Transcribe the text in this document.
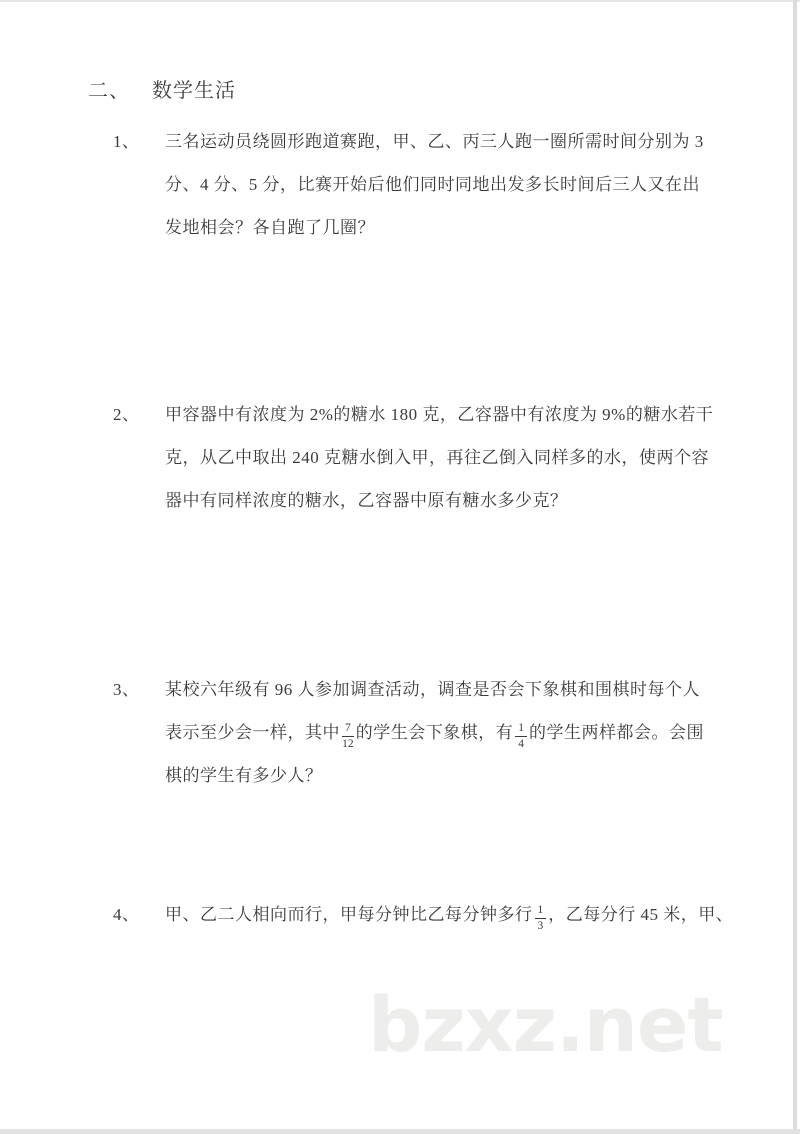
二、 数学生活
1、 三名运动员绕圆形跑道赛跑，甲、乙、丙三人跑一圈所需时间分别为 3
分、4 分、5 分，比赛开始后他们同时同地出发多长时间后三人又在出
发地相会？各自跑了几圈？
2、 甲容器中有浓度为 2%的糖水 180 克，乙容器中有浓度为 9%的糖水若干
克，从乙中取出 240 克糖水倒入甲，再往乙倒入同样多的水，使两个容
器中有同样浓度的糖水，乙容器中原有糖水多少克？
3、 某校六年级有 96 人参加调查活动，调查是否会下象棋和围棋时每个人
表示至少会一样，其中 $\frac{7}{12}$ 的学生会下象棋，有 $\frac{1}{4}$ 的学生两样都会。会围
棋的学生有多少人？
4、 甲、乙二人相向而行，甲每分钟比乙每分钟多行 $\frac{1}{3}$ ，乙每分行 45 米，甲、
bzxz.net
